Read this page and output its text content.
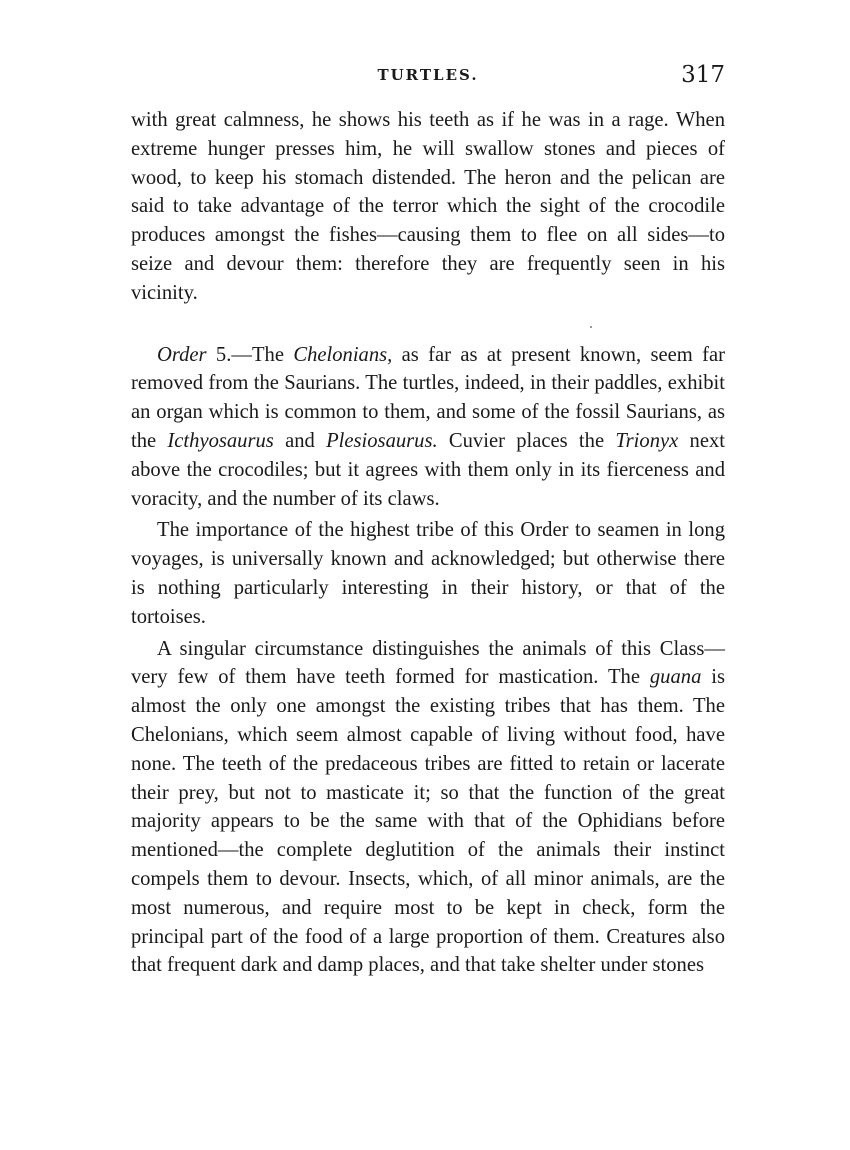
TURTLES.	317

with great calmness, he shows his teeth as if he was in a rage. When extreme hunger presses him, he will swallow stones and pieces of wood, to keep his stomach distended. The heron and the pelican are said to take advantage of the terror which the sight of the crocodile produces amongst the fishes—causing them to flee on all sides—to seize and devour them: therefore they are frequently seen in his vicinity.

Order 5.—The Chelonians, as far as at present known, seem far removed from the Saurians. The turtles, indeed, in their paddles, exhibit an organ which is common to them, and some of the fossil Saurians, as the Icthyosaurus and Plesiosaurus. Cuvier places the Trionyx next above the crocodiles; but it agrees with them only in its fierceness and voracity, and the number of its claws.

The importance of the highest tribe of this Order to seamen in long voyages, is universally known and acknowledged; but otherwise there is nothing particularly interesting in their history, or that of the tortoises.

A singular circumstance distinguishes the animals of this Class—very few of them have teeth formed for mastication. The guana is almost the only one amongst the existing tribes that has them. The Chelonians, which seem almost capable of living without food, have none. The teeth of the predaceous tribes are fitted to retain or lacerate their prey, but not to masticate it; so that the function of the great majority appears to be the same with that of the Ophidians before mentioned—the complete deglutition of the animals their instinct compels them to devour. Insects, which, of all minor animals, are the most numerous, and require most to be kept in check, form the principal part of the food of a large proportion of them. Creatures also that frequent dark and damp places, and that take shelter under stones
